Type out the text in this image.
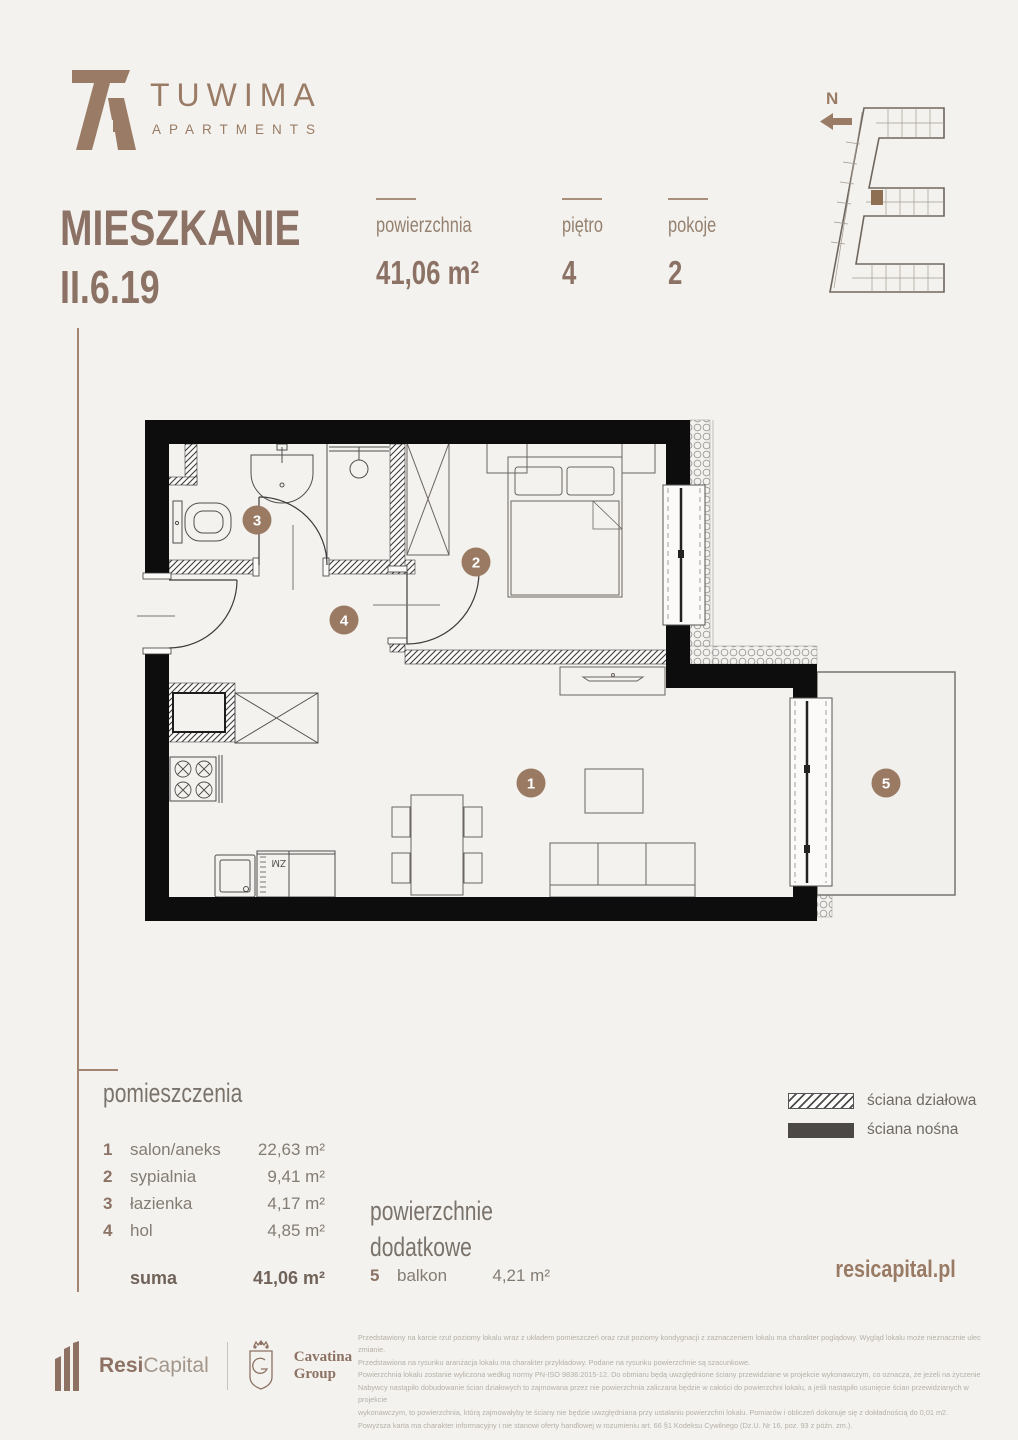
TUWIMA
APARTMENTS
N
MIESZKANIE
II.6.19
powierzchnia
41,06 m²
piętro
4
pokoje
2
ZM
1
2
3
4
5
pomieszczenia
1 salon/aneks 22,63 m²
2 sypialnia	9,41 m²
3 łazienka	4,17 m²
4 hol	4,85 m²
suma	41,06 m²
powierzchnie
dodatkowe
5 balkon	4,21 m²
ściana działowa
ściana nośna
resicapital.pl
ResiCapital	Cavatina
Group

Przedstawiony na karcie rzut poziomy lokalu wraz z układem pomieszczeń oraz rzut poziomy kondygnacji z zaznaczeniem lokalu ma charakter poglądowy. Wygląd lokalu może nieznacznie ulec zmianie.

Przedstawiona na rysunku aranżacja lokalu ma charakter przykładowy. Podane na rysunku powierzchnie są szacunkowe.

Powierzchnia lokalu zostanie wyliczona według normy PN-ISO 9836:2015-12. Do obmiaru będą uwzględnione ściany przewidziane w projekcie wykonawczym, co oznacza, że jeżeli na życzenie

Nabywcy nastąpiło dobudowanie ścian działowych to zajmowana przez nie powierzchnia zaliczana będzie w całości do powierzchni lokalu, a jeśli nastąpiło usunięcie ścian przewidzianych w projekcie

wykonawczym, to powierzchnia, którą zajmowałyby te ściany nie będzie uwzględniana przy ustalaniu powierzchni lokalu. Pomiarów i obliczeń dokonuje się z dokładnością do 0,01 m2.

Powyższa karta ma charakter informacyjny i nie stanowi oferty handlowej w rozumieniu art. 66 §1 Kodeksu Cywilnego (Dz.U. Nr 16, poz. 93 z późn. zm.).
